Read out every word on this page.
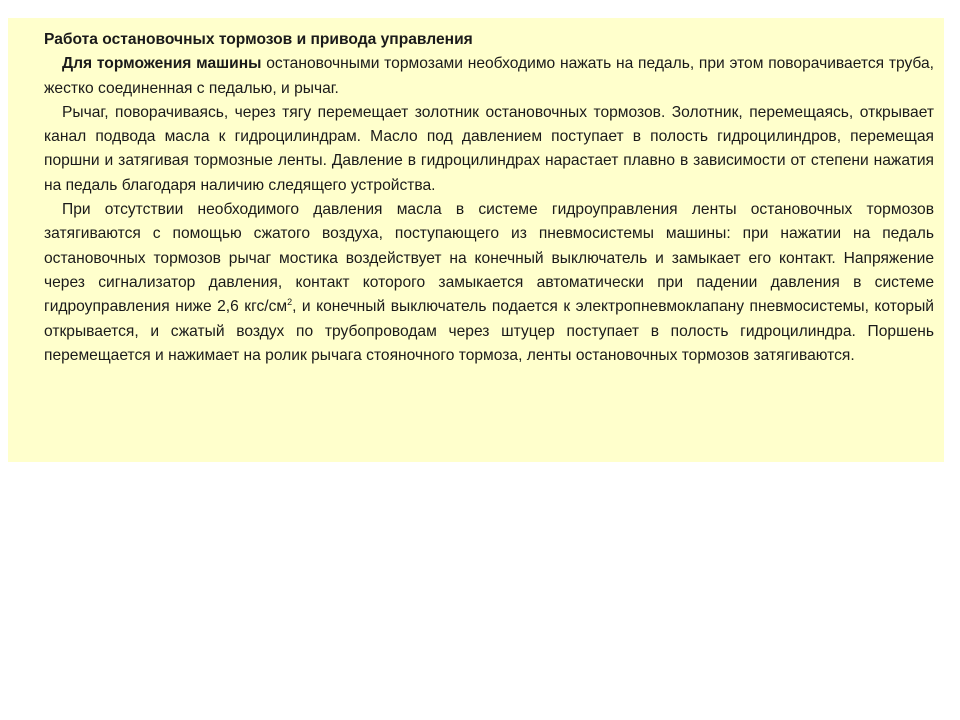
Работа остановочных тормозов и привода управления

Для торможения машины остановочными тормозами необходимо нажать на педаль, при этом поворачивается труба, жестко соединенная с педалью, и рычаг.

Рычаг, поворачиваясь, через тягу перемещает золотник остановочных тормозов. Золотник, перемещаясь, открывает канал подвода масла к гидроцилиндрам. Масло под давлением поступает в полость гидроцилиндров, перемещая поршни и затягивая тормозные ленты. Давление в гидроцилиндрах нарастает плавно в зависимости от степени нажатия на педаль благодаря наличию следящего устройства.

При отсутствии необходимого давления масла в системе гидроуправления ленты остановочных тормозов затягиваются с помощью сжатого воздуха, поступающего из пневмосистемы машины: при нажатии на педаль остановочных тормозов рычаг мостика воздействует на конечный выключатель и замыкает его контакт. Напряжение через сигнализатор давления, контакт которого замыкается автоматически при падении давления в системе гидроуправления ниже 2,6 кгс/$см^2$, и конечный выключатель подается к электропневмоклапану пневмосистемы, который открывается, и сжатый воздух по трубопроводам через штуцер поступает в полость гидроцилиндра. Поршень перемещается и нажимает на ролик рычага стояночного тормоза, ленты остановочных тормозов затягиваются.
